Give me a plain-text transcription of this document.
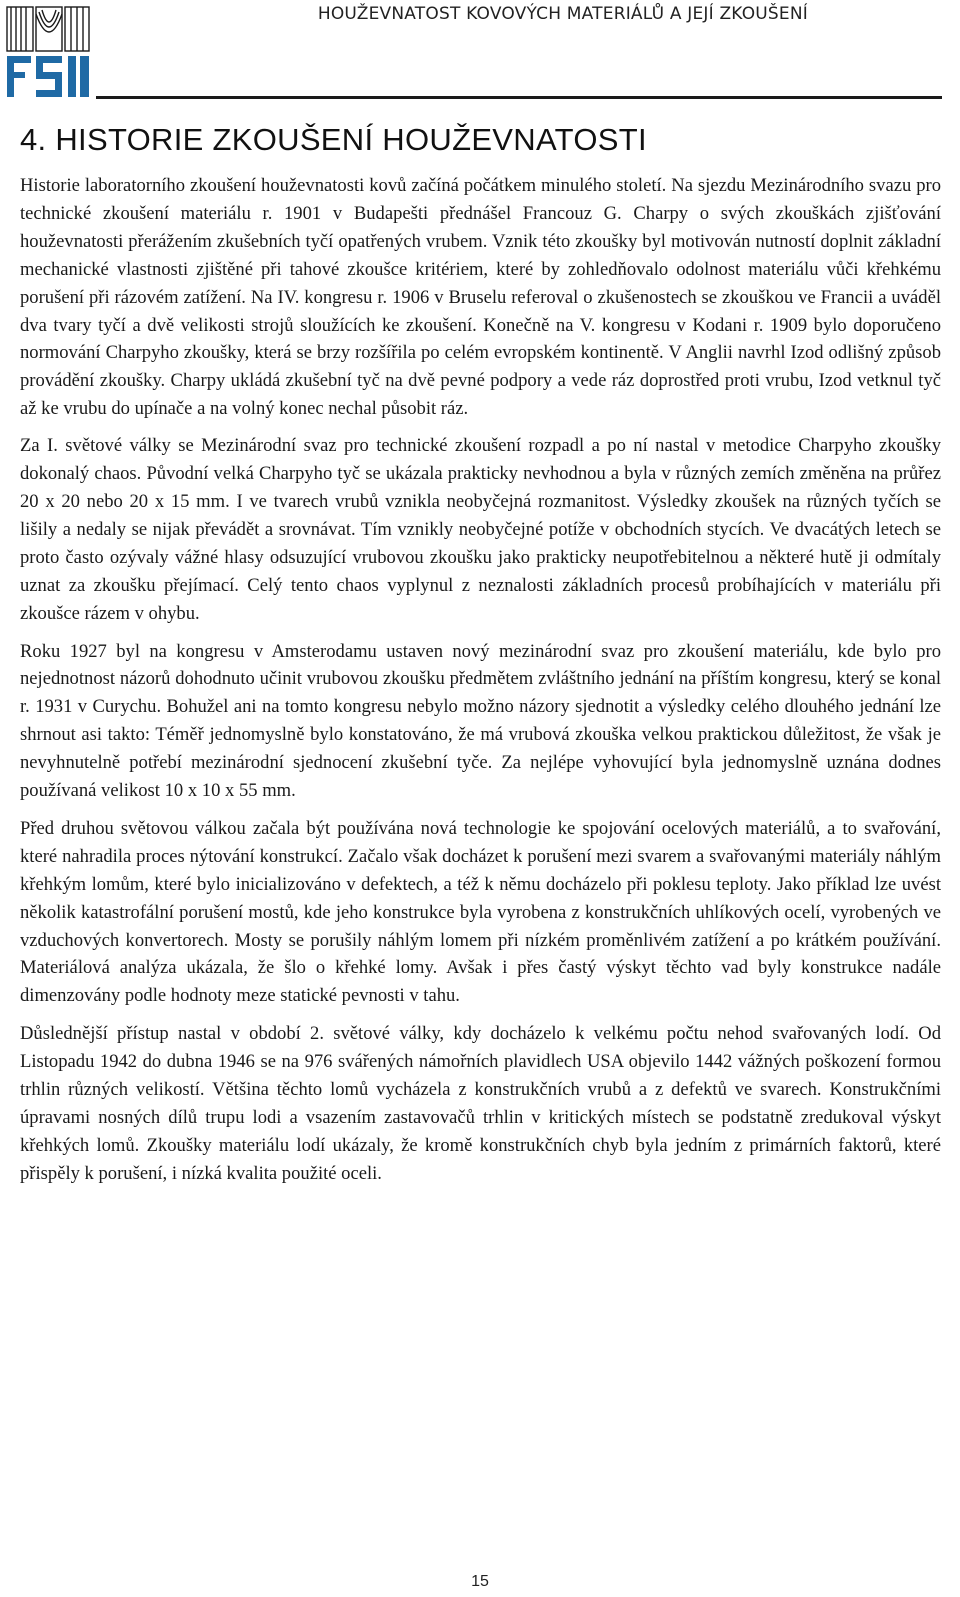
HOUŽEVNATOST KOVOVÝCH MATERIÁLŮ A JEJÍ ZKOUŠENÍ
4. HISTORIE ZKOUŠENÍ HOUŽEVNATOSTI

Historie laboratorního zkoušení houževnatosti kovů začíná počátkem minulého století. Na sjezdu Mezinárodního svazu pro technické zkoušení materiálu r. 1901 v Budapešti přednášel Francouz G. Charpy o svých zkouškách zjišťování houževnatosti přerážením zkušebních tyčí opatřených vrubem. Vznik této zkoušky byl motivován nutností doplnit základní mechanické vlastnosti zjištěné při tahové zkoušce kritériem, které by zohledňovalo odolnost materiálu vůči křehkému porušení při rázovém zatížení. Na IV. kongresu r. 1906 v Bruselu referoval o zkušenostech se zkouškou ve Francii a uváděl dva tvary tyčí a dvě velikosti strojů sloužících ke zkoušení. Konečně na V. kongresu v Kodani r. 1909 bylo doporučeno normování Charpyho zkoušky, která se brzy rozšířila po celém evropském kontinentě. V Anglii navrhl Izod odlišný způsob provádění zkoušky. Charpy ukládá zkušební tyč na dvě pevné podpory a vede ráz doprostřed proti vrubu, Izod vetknul tyč až ke vrubu do upínače a na volný konec nechal působit ráz.

Za I. světové války se Mezinárodní svaz pro technické zkoušení rozpadl a po ní nastal v metodice Charpyho zkoušky dokonalý chaos. Původní velká Charpyho tyč se ukázala prakticky nevhodnou a byla v různých zemích změněna na průřez 20 x 20 nebo 20 x 15 mm. I ve tvarech vrubů vznikla neobyčejná rozmanitost. Výsledky zkoušek na různých tyčích se lišily a nedaly se nijak převádět a srovnávat. Tím vznikly neobyčejné potíže v obchodních stycích. Ve dvacátých letech se proto často ozývaly vážné hlasy odsuzující vrubovou zkoušku jako prakticky neupotřebitelnou a některé hutě ji odmítaly uznat za zkoušku přejímací. Celý tento chaos vyplynul z neznalosti základních procesů probíhajících v materiálu při zkoušce rázem v ohybu.

Roku 1927 byl na kongresu v Amsterodamu ustaven nový mezinárodní svaz pro zkoušení materiálu, kde bylo pro nejednotnost názorů dohodnuto učinit vrubovou zkoušku předmětem zvláštního jednání na příštím kongresu, který se konal r. 1931 v Curychu. Bohužel ani na tomto kongresu nebylo možno názory sjednotit a výsledky celého dlouhého jednání lze shrnout asi takto: Téměř jednomyslně bylo konstatováno, že má vrubová zkouška velkou praktickou důležitost, že však je nevyhnutelně potřebí mezinárodní sjednocení zkušební tyče. Za nejlépe vyhovující byla jednomyslně uznána dodnes používaná velikost 10 x 10 x 55 mm.

Před druhou světovou válkou začala být používána nová technologie ke spojování ocelových materiálů, a to svařování, které nahradila proces nýtování konstrukcí. Začalo však docházet k porušení mezi svarem a svařovanými materiály náhlým křehkým lomům, které bylo inicializováno v defektech, a též k němu docházelo při poklesu teploty. Jako příklad lze uvést několik katastrofální porušení mostů, kde jeho konstrukce byla vyrobena z konstrukčních uhlíkových ocelí, vyrobených ve vzduchových konvertorech. Mosty se porušily náhlým lomem při nízkém proměnlivém zatížení a po krátkém používání. Materiálová analýza ukázala, že šlo o křehké lomy. Avšak i přes častý výskyt těchto vad byly konstrukce nadále dimenzovány podle hodnoty meze statické pevnosti v tahu.

Důslednější přístup nastal v období 2. světové války, kdy docházelo k velkému počtu nehod svařovaných lodí. Od Listopadu 1942 do dubna 1946 se na 976 svářených námořních plavidlech USA objevilo 1442 vážných poškození formou trhlin různých velikostí. Většina těchto lomů vycházela z konstrukčních vrubů a z defektů ve svarech. Konstrukčními úpravami nosných dílů trupu lodi a vsazením zastavovačů trhlin v kritických místech se podstatně zredukoval výskyt křehkých lomů. Zkoušky materiálu lodí ukázaly, že kromě konstrukčních chyb byla jedním z primárních faktorů, které přispěly k porušení, i nízká kvalita použité oceli.

15
